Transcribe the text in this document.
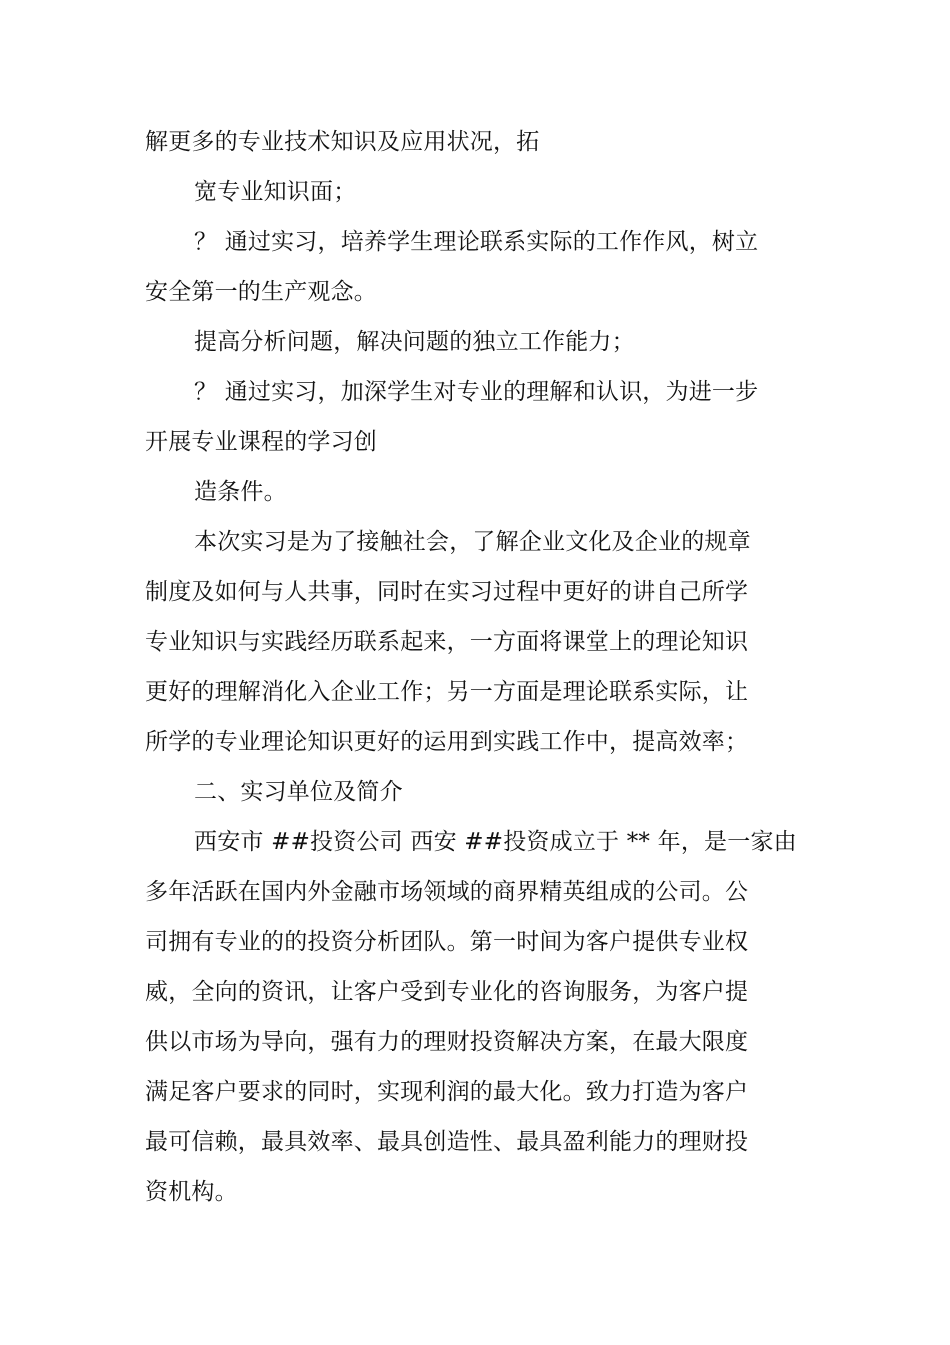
解更多的专业技术知识及应用状况，拓
宽专业知识面；
？ 通过实习，培养学生理论联系实际的工作作风，树立
安全第一的生产观念。
提高分析问题，解决问题的独立工作能力；
？ 通过实习，加深学生对专业的理解和认识，为进一步
开展专业课程的学习创
造条件。
本次实习是为了接触社会，了解企业文化及企业的规章
制度及如何与人共事，同时在实习过程中更好的讲自己所学
专业知识与实践经历联系起来，一方面将课堂上的理论知识
更好的理解消化入企业工作；另一方面是理论联系实际，让
所学的专业理论知识更好的运用到实践工作中，提高效率；
二、实习单位及简介
西安市 ##投资公司 西安 ##投资成立于 ** 年，是一家由
多年活跃在国内外金融市场领域的商界精英组成的公司。公
司拥有专业的的投资分析团队。第一时间为客户提供专业权
威，全向的资讯，让客户受到专业化的咨询服务，为客户提
供以市场为导向，强有力的理财投资解决方案，在最大限度
满足客户要求的同时，实现利润的最大化。致力打造为客户
最可信赖，最具效率、最具创造性、最具盈利能力的理财投
资机构。
